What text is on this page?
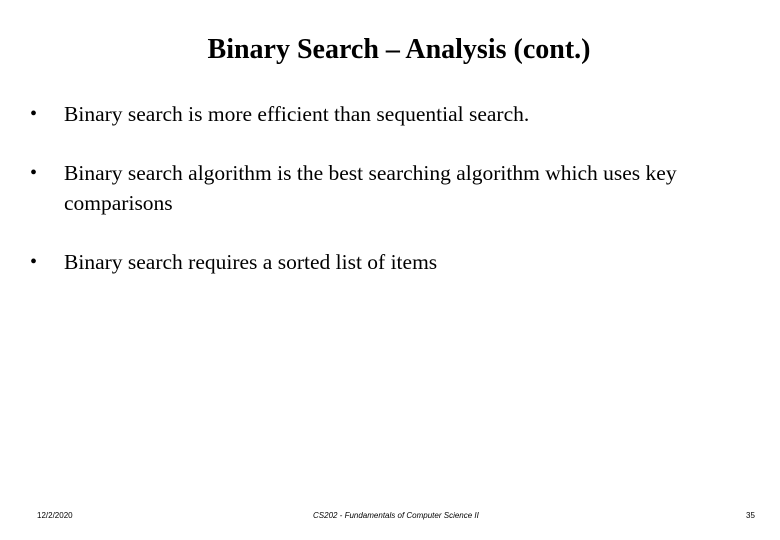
Binary Search – Analysis (cont.)
• Binary search is more efficient than sequential search.
• Binary search algorithm is the best searching algorithm which uses key comparisons
• Binary search requires a sorted list of items
12/2/2020	CS202 - Fundamentals of Computer Science II	35
